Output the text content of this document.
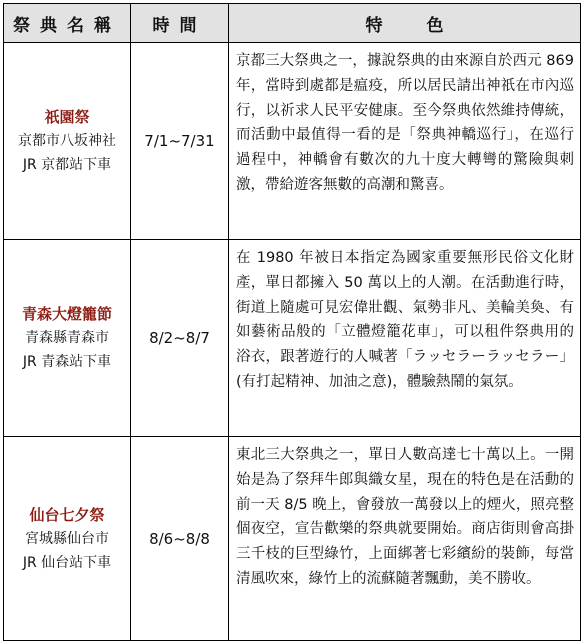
祭典名稱	時間	特 色

祇園祭
京都市八坂神社
JR 京都站下車	7/1~7/31	京都三大祭典之一，據說祭典的由來源自於西元 869 年，當時到處都是瘟疫，所以居民請出神祇在市內巡行，以祈求人民平安健康。至今祭典依然維持傳統，而活動中最值得一看的是「祭典神轎巡行」，在巡行過程中，神轎會有數次的九十度大轉彎的驚險與刺激，帶給遊客無數的高潮和驚喜。

青森大燈籠節
青森縣青森市
JR 青森站下車	8/2~8/7	在 1980 年被日本指定為國家重要無形民俗文化財產，單日都擁入 50 萬以上的人潮。在活動進行時，街道上隨處可見宏偉壯觀、氣勢非凡、美輪美奐、有如藝術品般的「立體燈籠花車」，可以租件祭典用的浴衣，跟著遊行的人喊著「ラッセラーラッセラー」(有打起精神、加油之意)，體驗熱鬧的氣氛。

仙台七夕祭
宮城縣仙台市
JR 仙台站下車	8/6~8/8	東北三大祭典之一，單日人數高達七十萬以上。一開始是為了祭拜牛郎與織女星，現在的特色是在活動的前一天 8/5 晚上，會發放一萬發以上的煙火，照亮整個夜空，宣告歡樂的祭典就要開始。商店街則會高掛三千枝的巨型綠竹，上面綁著七彩繽紛的裝飾，每當清風吹來，綠竹上的流蘇隨著飄動，美不勝收。
